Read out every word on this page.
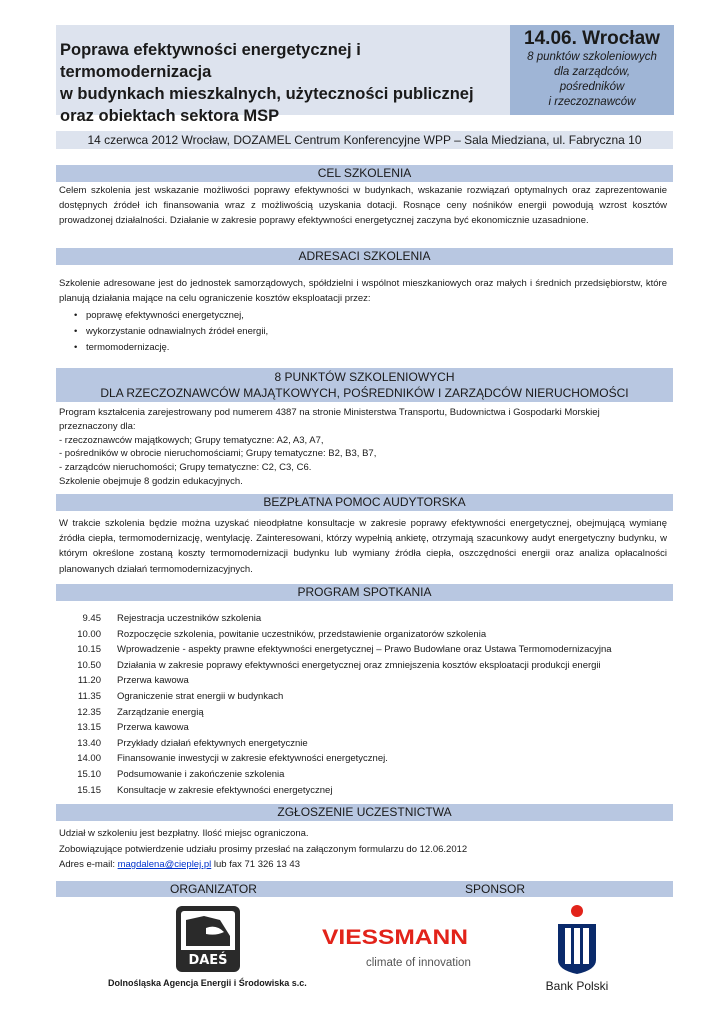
Poprawa efektywności energetycznej i termomodernizacja
w budynkach mieszkalnych, użyteczności publicznej
oraz obiektach sektora MSP
14.06. Wrocław
8 punktów szkoleniowych
dla zarządców,
pośredników
i rzeczoznawców
14 czerwca 2012 Wrocław, DOZAMEL Centrum Konferencyjne WPP – Sala Miedziana, ul. Fabryczna 10
CEL SZKOLENIA
Celem szkolenia jest wskazanie możliwości poprawy efektywności w budynkach, wskazanie rozwiązań optymalnych oraz zaprezentowanie dostępnych źródeł ich finansowania wraz z możliwością uzyskania dotacji. Rosnące ceny nośników energii powodują wzrost kosztów prowadzonej działalności. Działanie w zakresie poprawy efektywności energetycznej zaczyna być ekonomicznie uzasadnione.
ADRESACI SZKOLENIA
Szkolenie adresowane jest do jednostek samorządowych, spółdzielni i wspólnot mieszkaniowych oraz małych i średnich przedsiębiorstw, które planują działania mające na celu ograniczenie kosztów eksploatacji przez:
• poprawę efektywności energetycznej,
• wykorzystanie odnawialnych źródeł energii,
• termomodernizację.
8 PUNKTÓW SZKOLENIOWYCH
DLA RZECZOZNAWCÓW MAJĄTKOWYCH, POŚREDNIKÓW I ZARZĄDCÓW NIERUCHOMOŚCI
Program kształcenia zarejestrowany pod numerem 4387 na stronie Ministerstwa Transportu, Budownictwa i Gospodarki Morskiej
przeznaczony dla:
- rzeczoznawców majątkowych; Grupy tematyczne: A2, A3, A7,
- pośredników w obrocie nieruchomościami; Grupy tematyczne: B2, B3, B7,
- zarządców nieruchomości; Grupy tematyczne: C2, C3, C6.
Szkolenie obejmuje 8 godzin edukacyjnych.
BEZPŁATNA POMOC AUDYTORSKA
W trakcie szkolenia będzie można uzyskać nieodpłatne konsultacje w zakresie poprawy efektywności energetycznej, obejmującą wymianę źródła ciepła, termomodernizację, wentylację. Zainteresowani, którzy wypełnią ankietę, otrzymają szacunkowy audyt energetyczny budynku, w którym określone zostaną koszty termomodernizacji budynku lub wymiany źródła ciepła, oszczędności energii oraz analiza opłacalności planowanych działań termomodernizacyjnych.
PROGRAM SPOTKANIA
9.45	Rejestracja uczestników szkolenia
10.00	Rozpoczęcie szkolenia, powitanie uczestników, przedstawienie organizatorów szkolenia
10.15	Wprowadzenie - aspekty prawne efektywności energetycznej – Prawo Budowlane oraz Ustawa Termomodernizacyjna
10.50	Działania w zakresie poprawy efektywności energetycznej oraz zmniejszenia kosztów eksploatacji produkcji energii
11.20	Przerwa kawowa
11.35	Ograniczenie strat energii w budynkach
12.35	Zarządzanie energią
13.15	Przerwa kawowa
13.40	Przykłady działań efektywnych energetycznie
14.00	Finansowanie inwestycji w zakresie efektywności energetycznej.
15.10	Podsumowanie i zakończenie szkolenia
15.15	Konsultacje w zakresie efektywności energetycznej
ZGŁOSZENIE UCZESTNICTWA
Udział w szkoleniu jest bezpłatny. Ilość miejsc ograniczona.
Zobowiązujące potwierdzenie udziału prosimy przesłać na załączonym formularzu do 12.06.2012
Adres e-mail: magdalena@cieplej.pl lub fax 71 326 13 43
ORGANIZATOR	SPONSOR
DAEŚ
Dolnośląska Agencja Energii i Środowiska s.c.
VIESSMANN
climate of innovation
Bank Polski
